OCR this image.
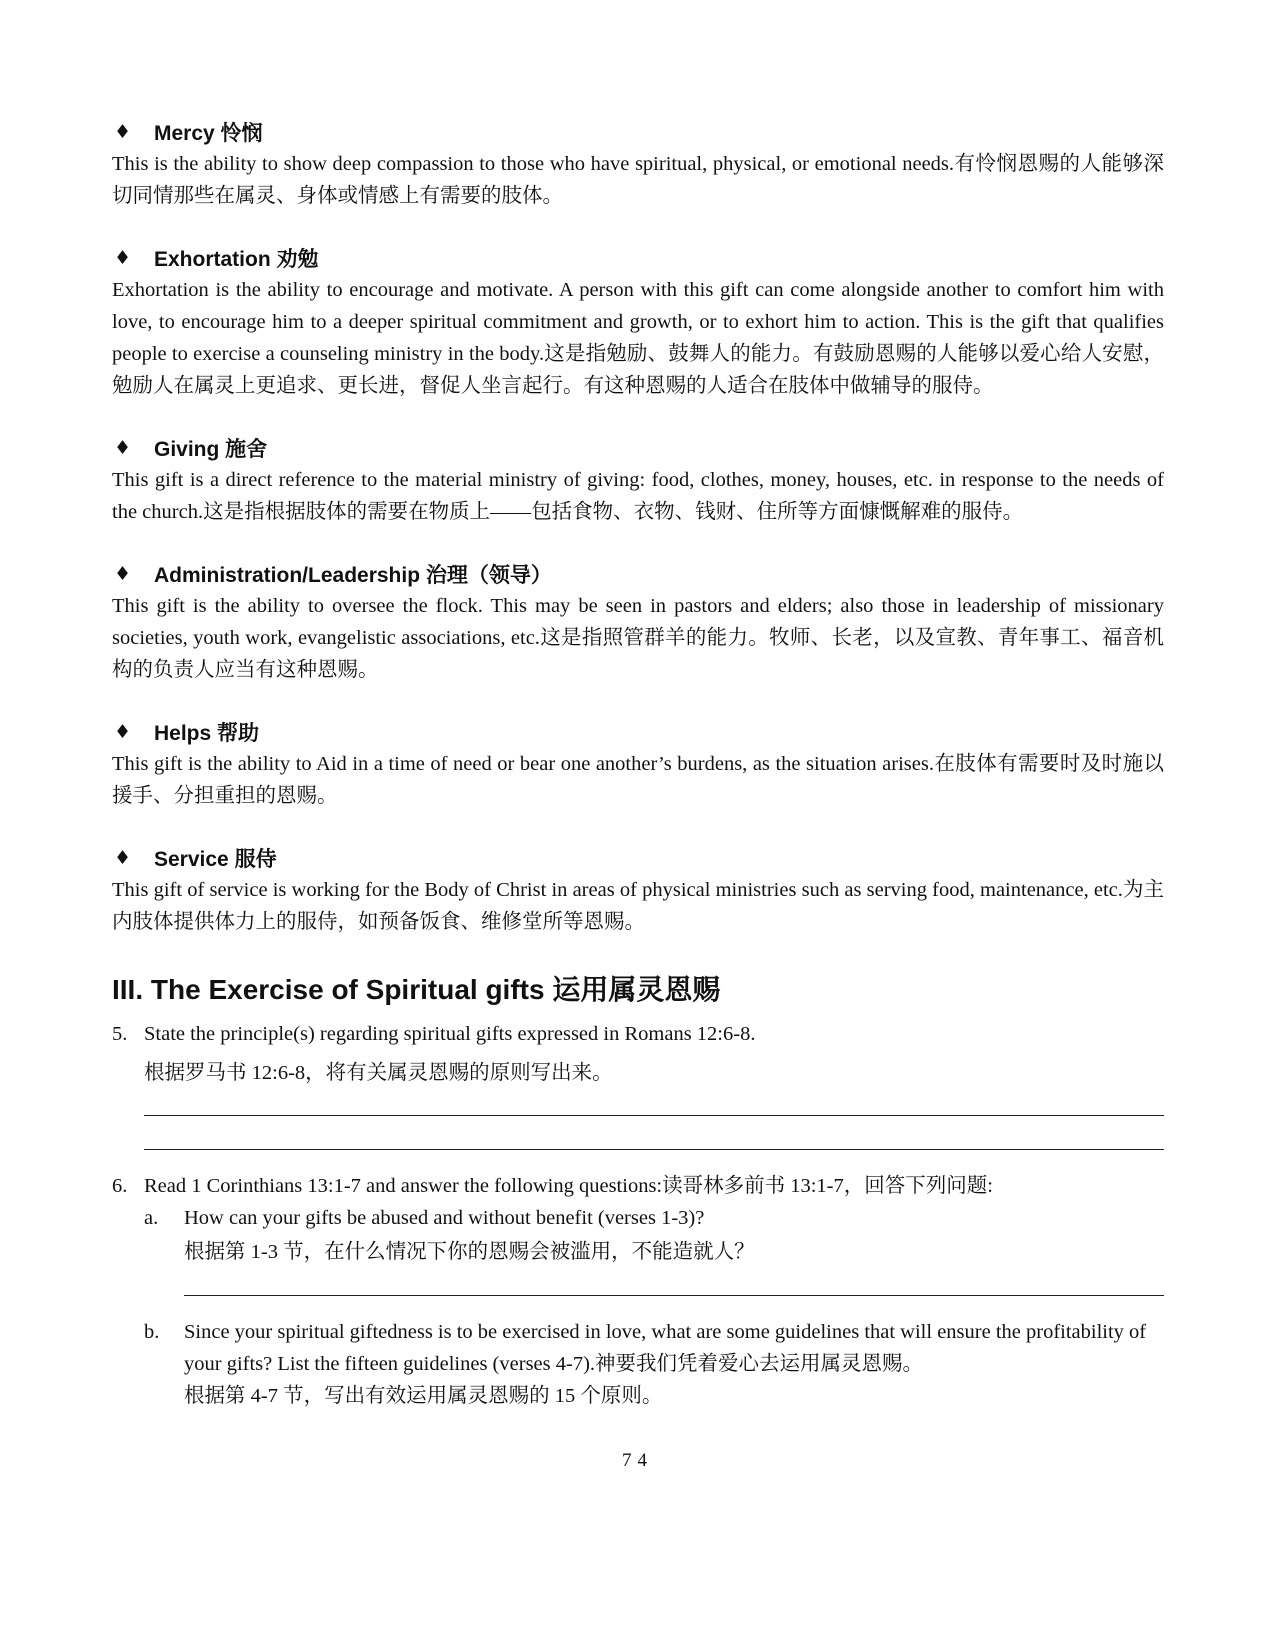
♦	Mercy 怜悯
This is the ability to show deep compassion to those who have spiritual, physical, or emotional needs.有怜悯恩赐的人能够深切同情那些在属灵、身体或情感上有需要的肢体。
♦	Exhortation 劝勉
Exhortation is the ability to encourage and motivate. A person with this gift can come alongside another to comfort him with love, to encourage him to a deeper spiritual commitment and growth, or to exhort him to action. This is the gift that qualifies people to exercise a counseling ministry in the body.这是指勉励、鼓舞人的能力。有鼓励恩赐的人能够以爱心给人安慰，勉励人在属灵上更追求、更长进，督促人坐言起行。有这种恩赐的人适合在肢体中做辅导的服侍。
♦	Giving 施舍
This gift is a direct reference to the material ministry of giving: food, clothes, money, houses, etc. in response to the needs of the church.这是指根据肢体的需要在物质上——包括食物、衣物、钱财、住所等方面慷慨解难的服侍。
♦	Administration/Leadership 治理（领导）
This gift is the ability to oversee the flock. This may be seen in pastors and elders; also those in leadership of missionary societies, youth work, evangelistic associations, etc.这是指照管群羊的能力。牧师、长老，以及宣教、青年事工、福音机构的负责人应当有这种恩赐。
♦	Helps 帮助
This gift is the ability to Aid in a time of need or bear one another’s burdens, as the situation arises.在肢体有需要时及时施以援手、分担重担的恩赐。
♦	Service 服侍
This gift of service is working for the Body of Christ in areas of physical ministries such as serving food, maintenance, etc.为主内肢体提供体力上的服侍，如预备饭食、维修堂所等恩赐。
III. The Exercise of Spiritual gifts 运用属灵恩赐
5. State the principle(s) regarding spiritual gifts expressed in Romans 12:6-8.
根据罗马书 12:6-8，将有关属灵恩赐的原则写出来。
6. Read 1 Corinthians 13:1-7 and answer the following questions:读哥林多前书 13:1-7，回答下列问题:
a.	How can your gifts be abused and without benefit (verses 1-3)?
根据第 1-3 节，在什么情况下你的恩赐会被滥用，不能造就人？
b.	Since your spiritual giftedness is to be exercised in love, what are some guidelines that will ensure the profitability of your gifts? List the fifteen guidelines (verses 4-7).神要我们凭着爱心去运用属灵恩赐。
根据第 4-7 节，写出有效运用属灵恩赐的 15 个原则。
74
